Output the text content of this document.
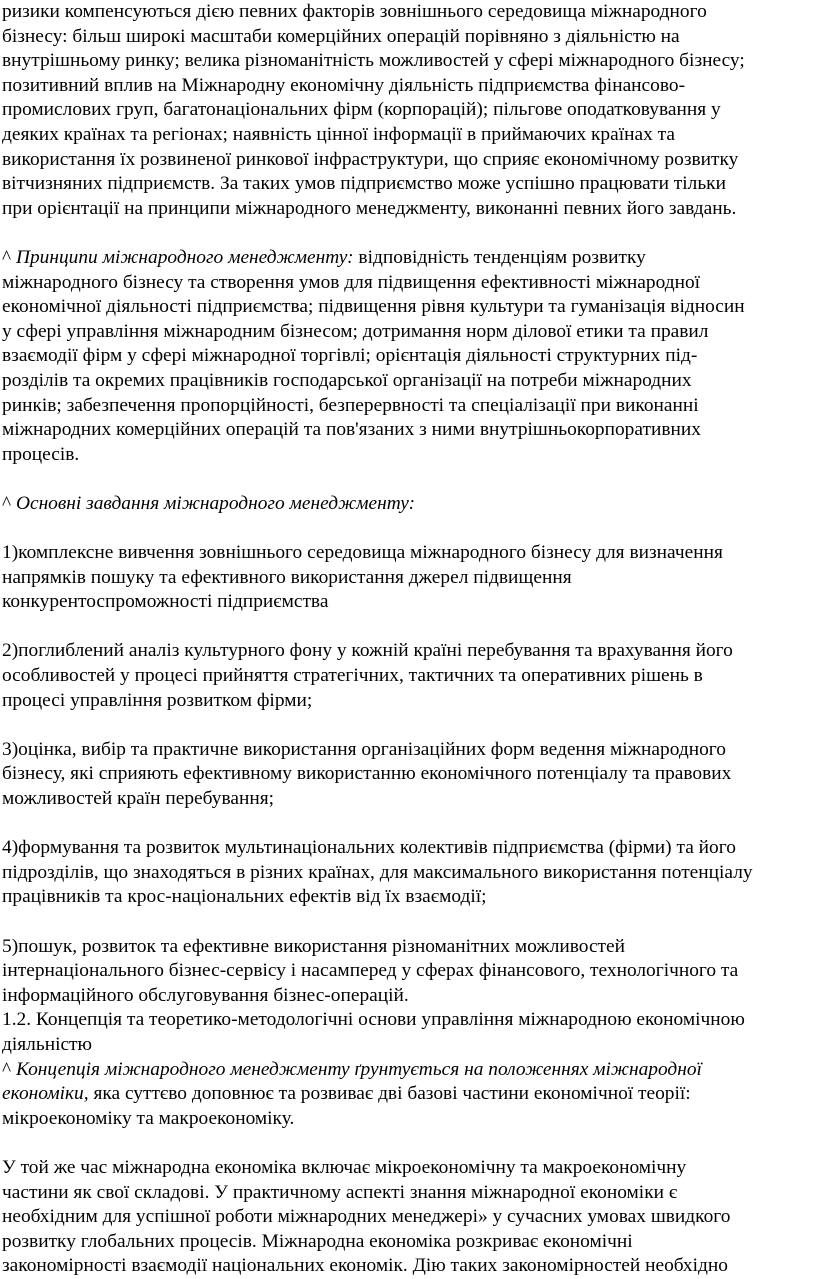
ризики компенсуються дією певних факторів зовнішнього середовища міжнародного
бізнесу: більш широкі масштаби комерційних операцій порівняно з діяльністю на
внутрішньому ринку; велика різноманітність можливостей у сфері міжнародного бізнесу;
позитивний вплив на Міжнародну економічну діяльність підприємства фінансово-
промислових груп, багатонаціональних фірм (корпорацій); пільгове оподатковування у
деяких країнах та регіонах; наявність цінної інформації в приймаючих країнах та
використання їх розвиненої ринкової інфраструктури, що сприяє економічному розвитку
вітчизняних підприємств. За таких умов підприємство може успішно працювати тільки
при орієнтації на принципи міжнародного менеджменту, виконанні певних його завдань.
^ Принципи міжнародного менеджменту: відповідність тенденціям розвитку
міжнародного бізнесу та створення умов для підвищення ефективності міжнародної
економічної діяльності підприємства; підвищення рівня культури та гуманізація відносин
у сфері управління міжнародним бізнесом; дотримання норм ділової етики та правил
взаємодії фірм у сфері міжнародної торгівлі; орієнтація діяльності структурних під-
розділів та окремих працівників господарської організації на потреби міжнародних
ринків; забезпечення пропорційності, безперервності та спеціалізації при виконанні
міжнародних комерційних операцій та пов'язаних з ними внутрішньокорпоративних
процесів.
^ Основні завдання міжнародного менеджменту:
1)комплексне вивчення зовнішнього середовища міжнародного бізнесу для визначення
напрямків пошуку та ефективного використання джерел підвищення
конкурентоспроможності підприємства
2)поглиблений аналіз культурного фону у кожній країні перебування та врахування його
особливостей у процесі прийняття стратегічних, тактичних та оперативних рішень в
процесі управління розвитком фірми;
3)оцінка, вибір та практичне використання організаційних форм ведення міжнародного
бізнесу, які сприяють ефективному використанню економічного потенціалу та правових
можливостей країн перебування;
4)формування та розвиток мультинаціональних колективів підприємства (фірми) та його
підрозділів, що знаходяться в різних країнах, для максимального використання потенціалу
працівників та крос-національних ефектів від їх взаємодії;
5)пошук, розвиток та ефективне використання різноманітних можливостей
інтернаціонального бізнес-сервісу і насамперед у сферах фінансового, технологічного та
інформаційного обслуговування бізнес-операцій.
1.2. Концепція та теоретико-методологічні основи управління міжнародною економічною
діяльністю
^ Концепція міжнародного менеджменту ґрунтується на положеннях міжнародної
економіки, яка суттєво доповнює та розвиває дві базові частини економічної теорії:
мікроекономіку та макроекономіку.
У той же час міжнародна економіка включає мікроекономічну та макроекономічну
частини як свої складові. У практичному аспекті знання міжнародної економіки є
необхідним для успішної роботи міжнародних менеджері» у сучасних умовах швидкого
розвитку глобальних процесів. Міжнародна економіка розкриває економічні
закономірності взаємодії національних економік. Дію таких закономірностей необхідно
